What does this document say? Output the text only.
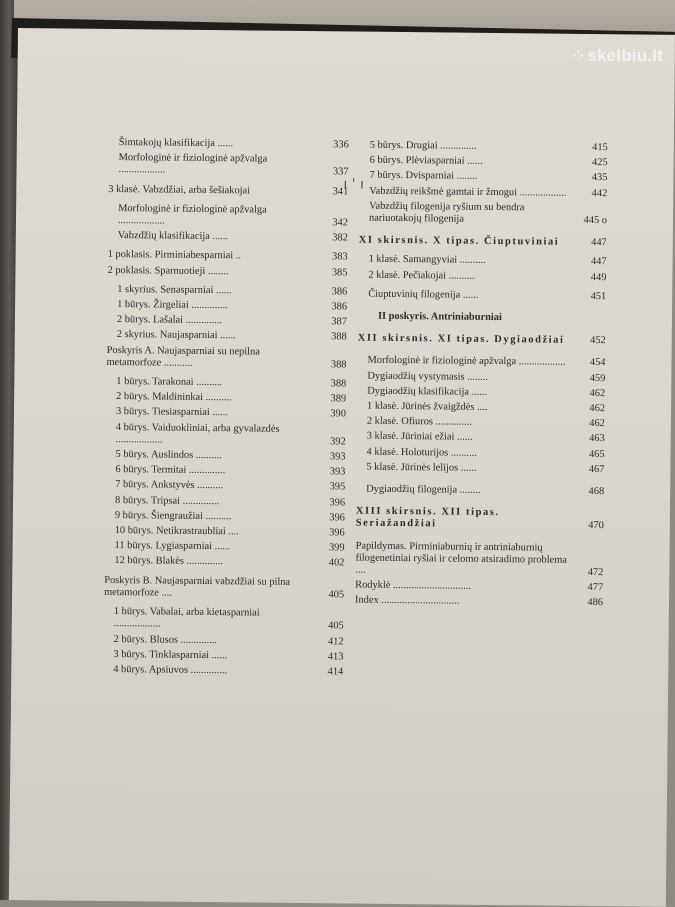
ı ' ı
Šimtakojų klasifikacija ......	336
Morfologinė ir fiziologinė apžvalga ..................	337
3 klasė. Vabzdžiai, arba šešiakojai	341
Morfologinė ir fiziologinė apžvalga ..................	342
Vabzdžių klasifikacija ......	382
1 poklasis. Pirminiabesparniai ..	383
2 poklasis. Sparnuotieji ........	385
1 skyrius. Senasparniai ......	386
1 būrys. Žirgeliai ..............	386
2 būrys. Lašalai ..............	387
2 skyrius. Naujasparniai ......	388
Poskyris A. Naujasparniai su nepilna metamorfoze ...........	388
1 būrys. Tarakonai ..........	388
2 būrys. Maldininkai ..........	389
3 būrys. Tiesiasparniai ......	390
4 būrys. Vaiduokliniai, arba gyvalazdės ..................	392
5 būrys. Auslindos ..........	393
6 būrys. Termitai ..............	393
7 būrys. Ankstyvės ..........	395
8 būrys. Tripsai ..............	396
9 būrys. Šiengraužiai ..........	396
10 būrys. Netikrastraubliai ....	396
11 būrys. Lygiasparniai ......	399
12 būrys. Blakės ..............	402
Poskyris B. Naujasparniai vabzdžiai su pilna metamorfoze ....	405
1 būrys. Vabalai, arba kietasparniai ..................	405
2 būrys. Blusos ..............	412
3 būrys. Tinklasparniai ......	413
4 būrys. Apsiuvos ..............	414
5 būrys. Drugiai ..............	415
6 būrys. Plėviasparniai ......	425
7 būrys. Dvisparniai ........	435
Vabzdžių reikšmė gamtai ir žmogui ..................	442
Vabzdžių filogenija ryšium su bendra nariuotakojų filogenija	445 o
XI skirsnis. X tipas. Čiuptuviniai	447
1 klasė. Samangyviai ..........	447
2 klasė. Pečiakojai ..........	449
Čiuptuvinių filogenija ......	451
II poskyris. Antriniaburniai
XII skirsnis. XI tipas. Dygiaodžiai	452
Morfologinė ir fiziologinė apžvalga ..................	454
Dygiaodžių vystymasis ........	459
Dygiaodžių klasifikacija ......	462
1 klasė. Jūrinės žvaigždės ....	462
2 klasė. Ofiuros ..............	462
3 klasė. Jūriniai ežiai ......	463
4 klasė. Holoturijos ..........	465
5 klasė. Jūrinės lelijos ......	467
Dygiaodžių filogenija ........	468
XIII skirsnis. XII tipas. Seriažandžiai	470
Papildymas. Pirminiaburnių ir antriniaburnių filogenetiniai ryšiai ir celomo atsiradimo problema ....	472
Rodyklė ..............................	477
Index ..............................	486
⁘ skelbiu.lt
